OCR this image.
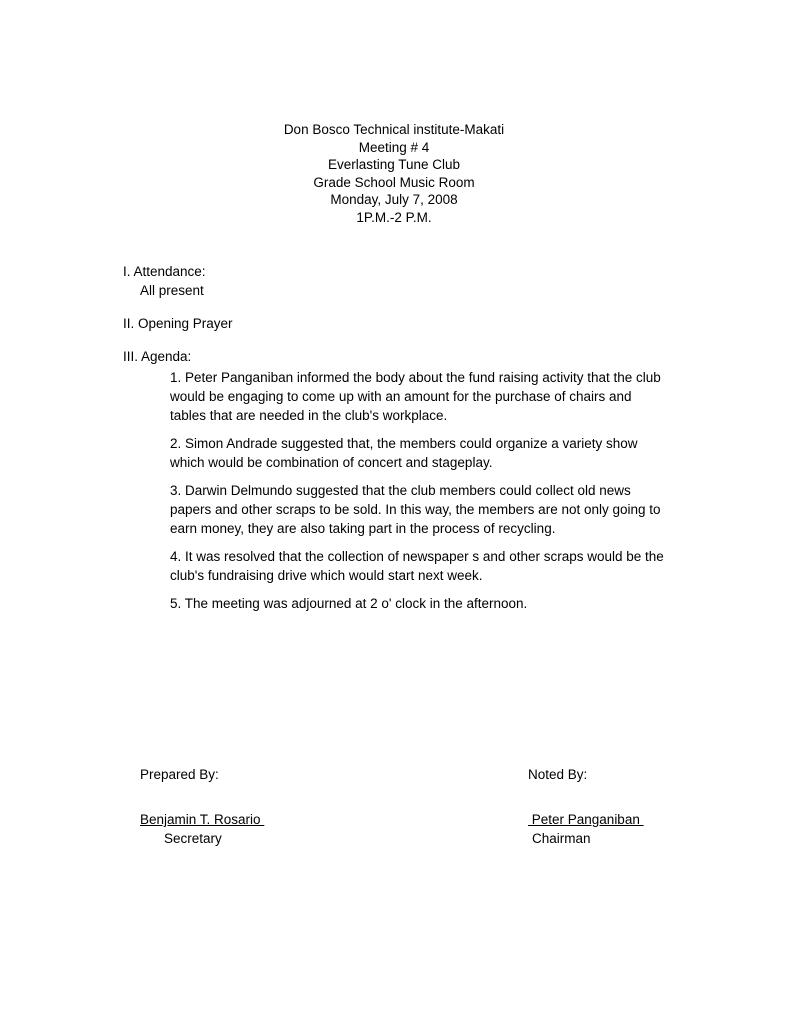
Don Bosco Technical institute-Makati
Meeting # 4
Everlasting Tune Club
Grade School Music Room
Monday, July 7, 2008
1P.M.-2 P.M.
I. Attendance:
All present
II. Opening Prayer
III. Agenda:

1. Peter Panganiban informed the body about the fund raising activity that the club would be engaging to come up with an amount for the purchase of chairs and tables that are needed in the club's workplace.

2. Simon Andrade suggested that, the members could organize a variety show which would be combination of concert and stageplay.

3. Darwin Delmundo suggested that the club members could collect old news papers and other scraps to be sold. In this way, the members are not only going to earn money, they are also taking part in the process of recycling.

4. It was resolved that the collection of newspaper s and other scraps would be the club's fundraising drive which would start next week.

5. The meeting was adjourned at 2 o' clock in the afternoon.

Prepared By:
Benjamin T. Rosario
Secretary
Noted By:
Peter Panganiban
Chairman
